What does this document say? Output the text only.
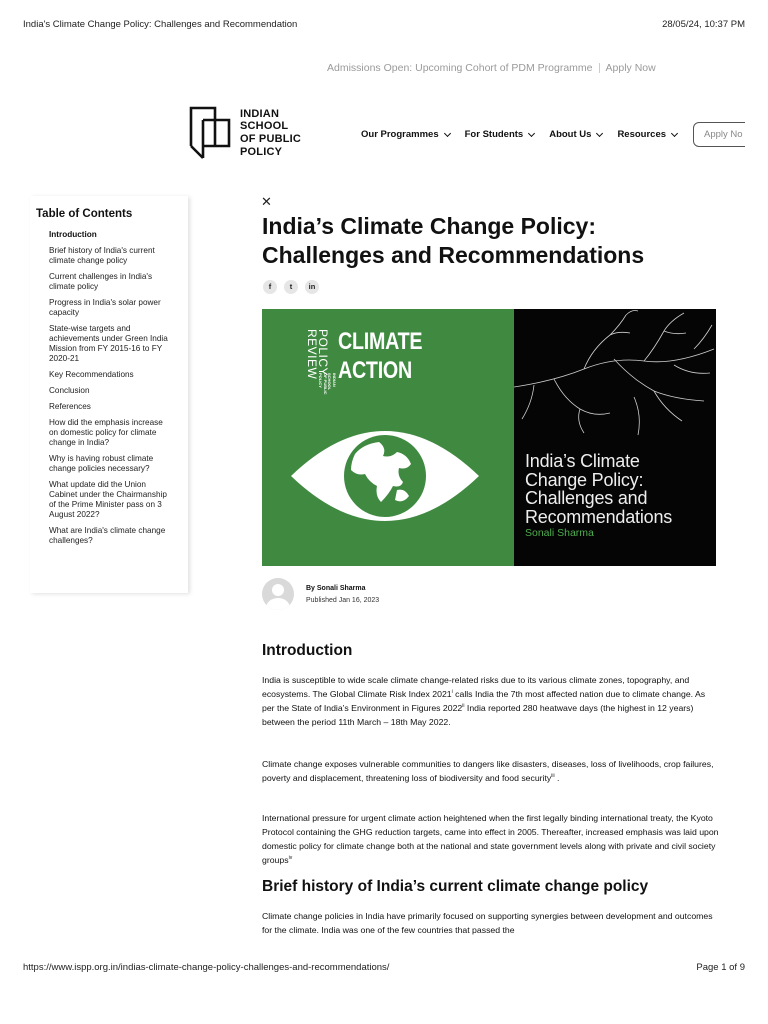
India's Climate Change Policy: Challenges and Recommendation	28/05/24, 10:37 PM
Admissions Open: Upcoming Cohort of PDM Programme Apply Now
INDIAN
SCHOOL
OF PUBLIC
POLICY
Our Programmes	For Students	About Us	Resources	Apply No
Table of Contents
Introduction
Brief history of India's current climate change policy
Current challenges in India's climate policy
Progress in India's solar power capacity
State-wise targets and achievements under Green India Mission from FY 2015-16 to FY 2020-21
Key Recommendations
Conclusion
References
How did the emphasis increase on domestic policy for climate change in India?
Why is having robust climate change policies necessary?
What update did the Union Cabinet under the Chairmanship of the Prime Minister pass on 3 August 2022?
What are India's climate change challenges?
✕
India’s Climate Change Policy: Challenges and Recommendations
f	t	in
POLICY
REVIEW
INDIAN
SCHOOL
OF PUBLIC
POLICY
CLIMATE
ACTION
India’s Climate
Change Policy:
Challenges and
Recommendations
Sonali Sharma
By Sonali Sharma
Published Jan 16, 2023
Introduction

India is susceptible to wide scale climate change-related risks due to its various climate zones, topography, and ecosystems. The Global Climate Risk Index 2021$^i$ calls India the 7th most affected nation due to climate change. As per the State of India’s Environment in Figures 2022$^{ii}$ India reported 280 heatwave days (the highest in 12 years) between the period 11th March – 18th May 2022.

Climate change exposes vulnerable communities to dangers like disasters, diseases, loss of livelihoods, crop failures, poverty and displacement, threatening loss of biodiversity and food security$^{iii}$ .

International pressure for urgent climate action heightened when the first legally binding international treaty, the Kyoto Protocol containing the GHG reduction targets, came into effect in 2005. Thereafter, increased emphasis was laid upon domestic policy for climate change both at the national and state government levels along with private and civil society groups$^{iv}$

Brief history of India’s current climate change policy

Climate change policies in India have primarily focused on supporting synergies between development and outcomes for the climate. India was one of the few countries that passed the

https://www.ispp.org.in/indias-climate-change-policy-challenges-and-recommendations/	Page 1 of 9
